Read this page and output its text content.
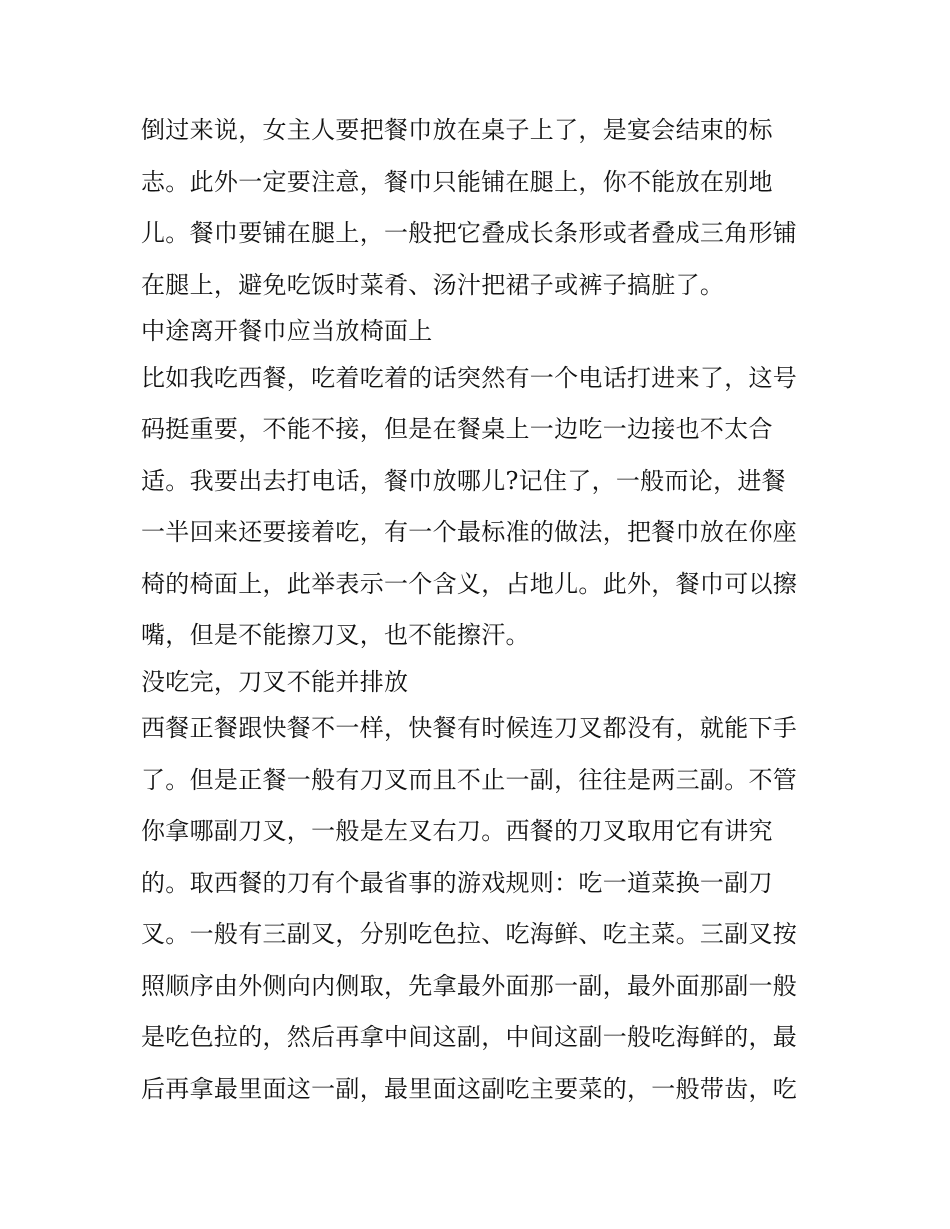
倒过来说，女主人要把餐巾放在桌子上了，是宴会结束的标
志。此外一定要注意，餐巾只能铺在腿上，你不能放在别地
儿。餐巾要铺在腿上，一般把它叠成长条形或者叠成三角形铺
在腿上，避免吃饭时菜肴、汤汁把裙子或裤子搞脏了。
中途离开餐巾应当放椅面上
比如我吃西餐，吃着吃着的话突然有一个电话打进来了，这号
码挺重要，不能不接，但是在餐桌上一边吃一边接也不太合
适。我要出去打电话，餐巾放哪儿?记住了，一般而论，进餐
一半回来还要接着吃，有一个最标准的做法，把餐巾放在你座
椅的椅面上，此举表示一个含义，占地儿。此外，餐巾可以擦
嘴，但是不能擦刀叉，也不能擦汗。
没吃完，刀叉不能并排放
西餐正餐跟快餐不一样，快餐有时候连刀叉都没有，就能下手
了。但是正餐一般有刀叉而且不止一副，往往是两三副。不管
你拿哪副刀叉，一般是左叉右刀。西餐的刀叉取用它有讲究
的。取西餐的刀有个最省事的游戏规则：吃一道菜换一副刀
叉。一般有三副叉，分别吃色拉、吃海鲜、吃主菜。三副叉按
照顺序由外侧向内侧取，先拿最外面那一副，最外面那副一般
是吃色拉的，然后再拿中间这副，中间这副一般吃海鲜的，最
后再拿最里面这一副，最里面这副吃主要菜的，一般带齿，吃
